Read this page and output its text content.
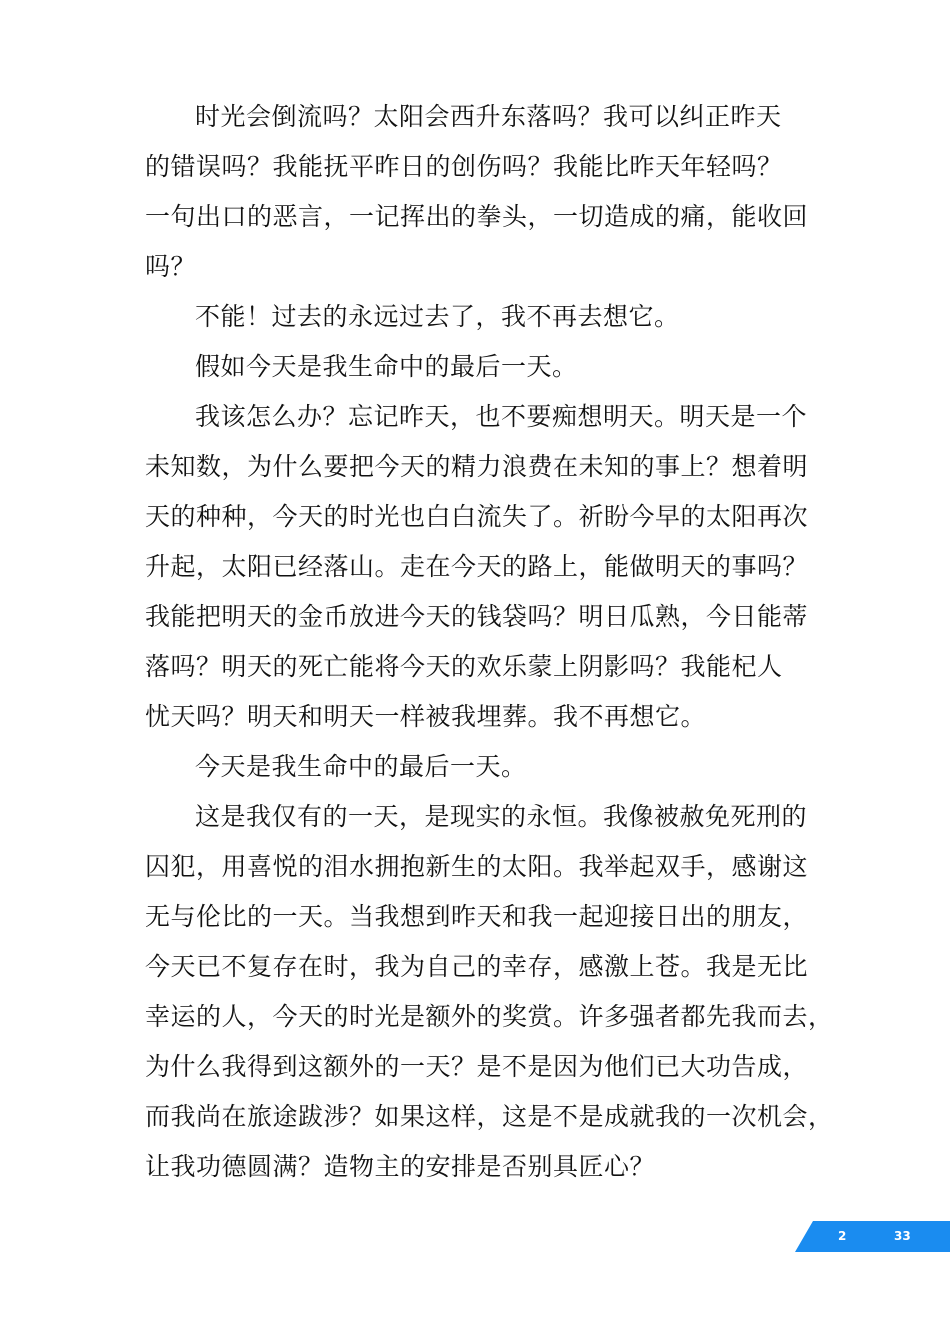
时光会倒流吗？太阳会西升东落吗？我可以纠正昨天
的错误吗？我能抚平昨日的创伤吗？我能比昨天年轻吗？
一句出口的恶言，一记挥出的拳头，一切造成的痛，能收回
吗？
不能！过去的永远过去了，我不再去想它。
假如今天是我生命中的最后一天。
我该怎么办？忘记昨天，也不要痴想明天。明天是一个
未知数，为什么要把今天的精力浪费在未知的事上？想着明
天的种种，今天的时光也白白流失了。祈盼今早的太阳再次
升起，太阳已经落山。走在今天的路上，能做明天的事吗？
我能把明天的金币放进今天的钱袋吗？明日瓜熟，今日能蒂
落吗？明天的死亡能将今天的欢乐蒙上阴影吗？我能杞人
忧天吗？明天和明天一样被我埋葬。我不再想它。
今天是我生命中的最后一天。
这是我仅有的一天，是现实的永恒。我像被赦免死刑的
囚犯，用喜悦的泪水拥抱新生的太阳。我举起双手，感谢这
无与伦比的一天。当我想到昨天和我一起迎接日出的朋友，
今天已不复存在时，我为自己的幸存，感激上苍。我是无比
幸运的人，今天的时光是额外的奖赏。许多强者都先我而去，
为什么我得到这额外的一天？是不是因为他们已大功告成，
而我尚在旅途跋涉？如果这样，这是不是成就我的一次机会，
让我功德圆满？造物主的安排是否别具匠心？
2	33
